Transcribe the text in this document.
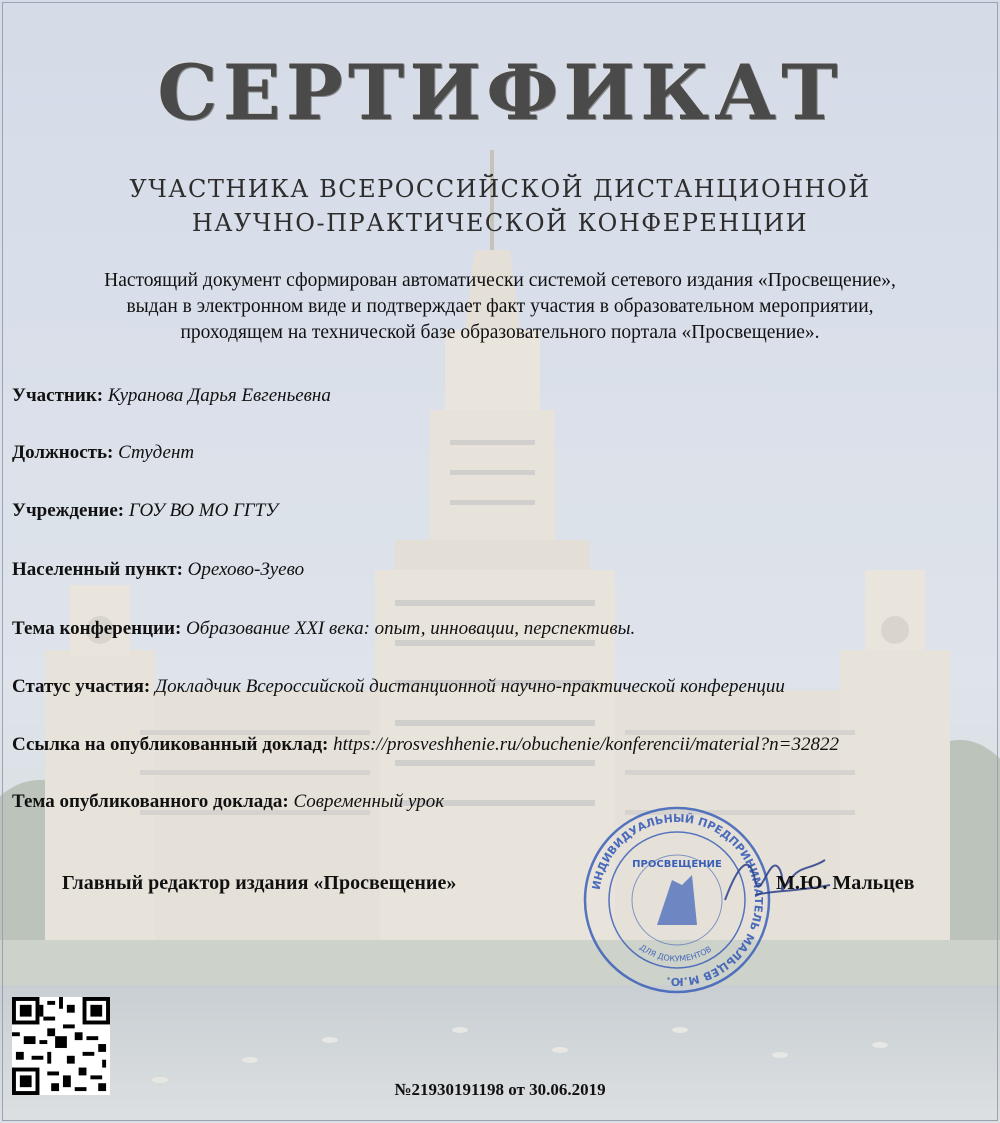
СЕРТИФИКАТ
УЧАСТНИКА ВСЕРОССИЙСКОЙ ДИСТАНЦИОННОЙ
НАУЧНО-ПРАКТИЧЕСКОЙ КОНФЕРЕНЦИИ
Настоящий документ сформирован автоматически системой сетевого издания «Просвещение»,
выдан в электронном виде и подтверждает факт участия в образовательном мероприятии,
проходящем на технической базе образовательного портала «Просвещение».
Участник: Куранова Дарья Евгеньевна
Должность: Студент
Учреждение: ГОУ ВО МО ГГТУ
Населенный пункт: Орехово-Зуево
Тема конференции: Образование XXI века: опыт, инновации, перспективы.
Статус участия: Докладчик Всероссийской дистанционной научно-практической конференции
Ссылка на опубликованный доклад: https://prosveshhenie.ru/obuchenie/konferencii/material?n=32822
Тема опубликованного доклада: Современный урок
ИНДИВИДУАЛЬНЫЙ ПРЕДПРИНИМАТЕЛЬ МАЛЬЦЕВ М.Ю.
ПРОСВЕЩЕНИЕ
ДЛЯ ДОКУМЕНТОВ
Главный редактор издания «Просвещение»	М.Ю. Мальцев
№21930191198 от 30.06.2019
